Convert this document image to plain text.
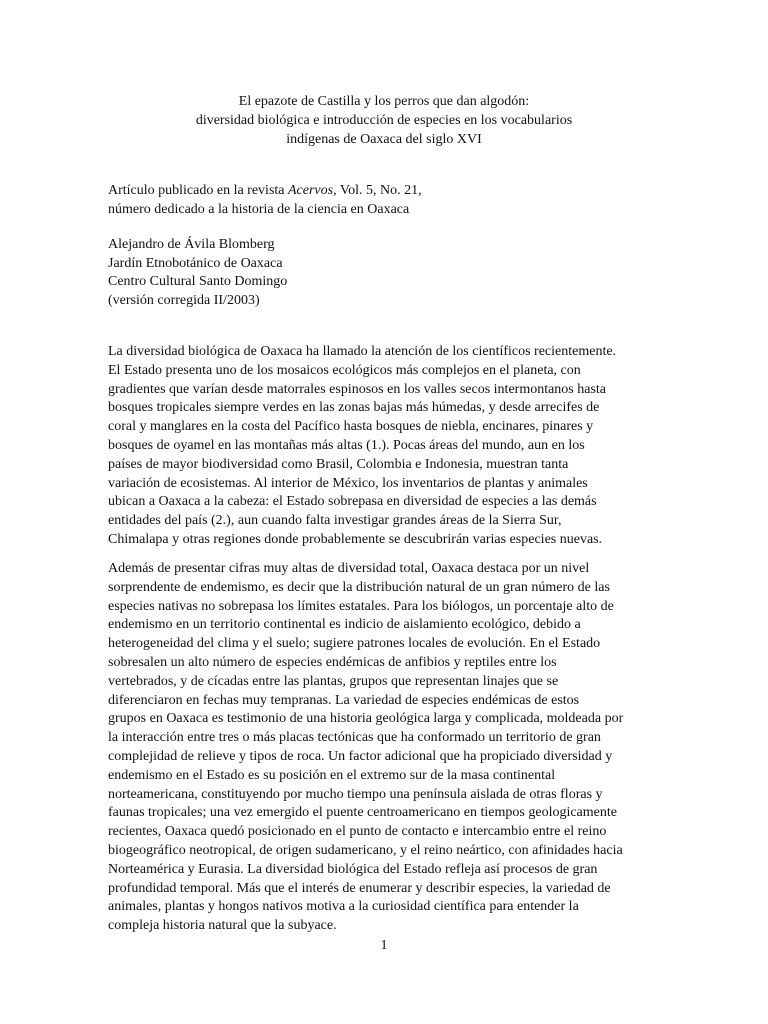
El epazote de Castilla y los perros que dan algodón:
diversidad biológica e introducción de especies en los vocabularios
indígenas de Oaxaca del siglo XVI
Artículo publicado en la revista Acervos, Vol. 5, No. 21,
número dedicado a la historia de la ciencia en Oaxaca
Alejandro de Ávila Blomberg
Jardín Etnobotánico de Oaxaca
Centro Cultural Santo Domingo
(versión corregida II/2003)
La diversidad biológica de Oaxaca ha llamado la atención de los científicos recientemente.
El Estado presenta uno de los mosaicos ecológicos más complejos en el planeta, con
gradientes que varían desde matorrales espinosos en los valles secos intermontanos hasta
bosques tropicales siempre verdes en las zonas bajas más húmedas, y desde arrecifes de
coral y manglares en la costa del Pacífico hasta bosques de niebla, encinares, pinares y
bosques de oyamel en las montañas más altas (1.). Pocas áreas del mundo, aun en los
países de mayor biodiversidad como Brasil, Colombia e Indonesia, muestran tanta
variación de ecosistemas. Al interior de México, los inventarios de plantas y animales
ubican a Oaxaca a la cabeza: el Estado sobrepasa en diversidad de especies a las demás
entidades del país (2.), aun cuando falta investigar grandes áreas de la Sierra Sur,
Chimalapa y otras regiones donde probablemente se descubrirán varias especies nuevas.
Además de presentar cifras muy altas de diversidad total, Oaxaca destaca por un nivel
sorprendente de endemismo, es decir que la distribución natural de un gran número de las
especies nativas no sobrepasa los límites estatales. Para los biólogos, un porcentaje alto de
endemismo en un territorio continental es indicio de aislamiento ecológico, debido a
heterogeneidad del clima y el suelo; sugiere patrones locales de evolución. En el Estado
sobresalen un alto número de especies endémicas de anfibios y reptiles entre los
vertebrados, y de cícadas entre las plantas, grupos que representan linajes que se
diferenciaron en fechas muy tempranas. La variedad de especies endémicas de estos
grupos en Oaxaca es testimonio de una historia geológica larga y complicada, moldeada por
la interacción entre tres o más placas tectónicas que ha conformado un territorio de gran
complejidad de relieve y tipos de roca. Un factor adicional que ha propiciado diversidad y
endemismo en el Estado es su posición en el extremo sur de la masa continental
norteamericana, constituyendo por mucho tiempo una península aislada de otras floras y
faunas tropicales; una vez emergido el puente centroamericano en tiempos geologicamente
recientes, Oaxaca quedó posicionado en el punto de contacto e intercambio entre el reino
biogeográfico neotropical, de origen sudamericano, y el reino neártico, con afinidades hacia
Norteamérica y Eurasia. La diversidad biológica del Estado refleja así procesos de gran
profundidad temporal. Más que el interés de enumerar y describir especies, la variedad de
animales, plantas y hongos nativos motiva a la curiosidad científica para entender la
compleja historia natural que la subyace.
1
